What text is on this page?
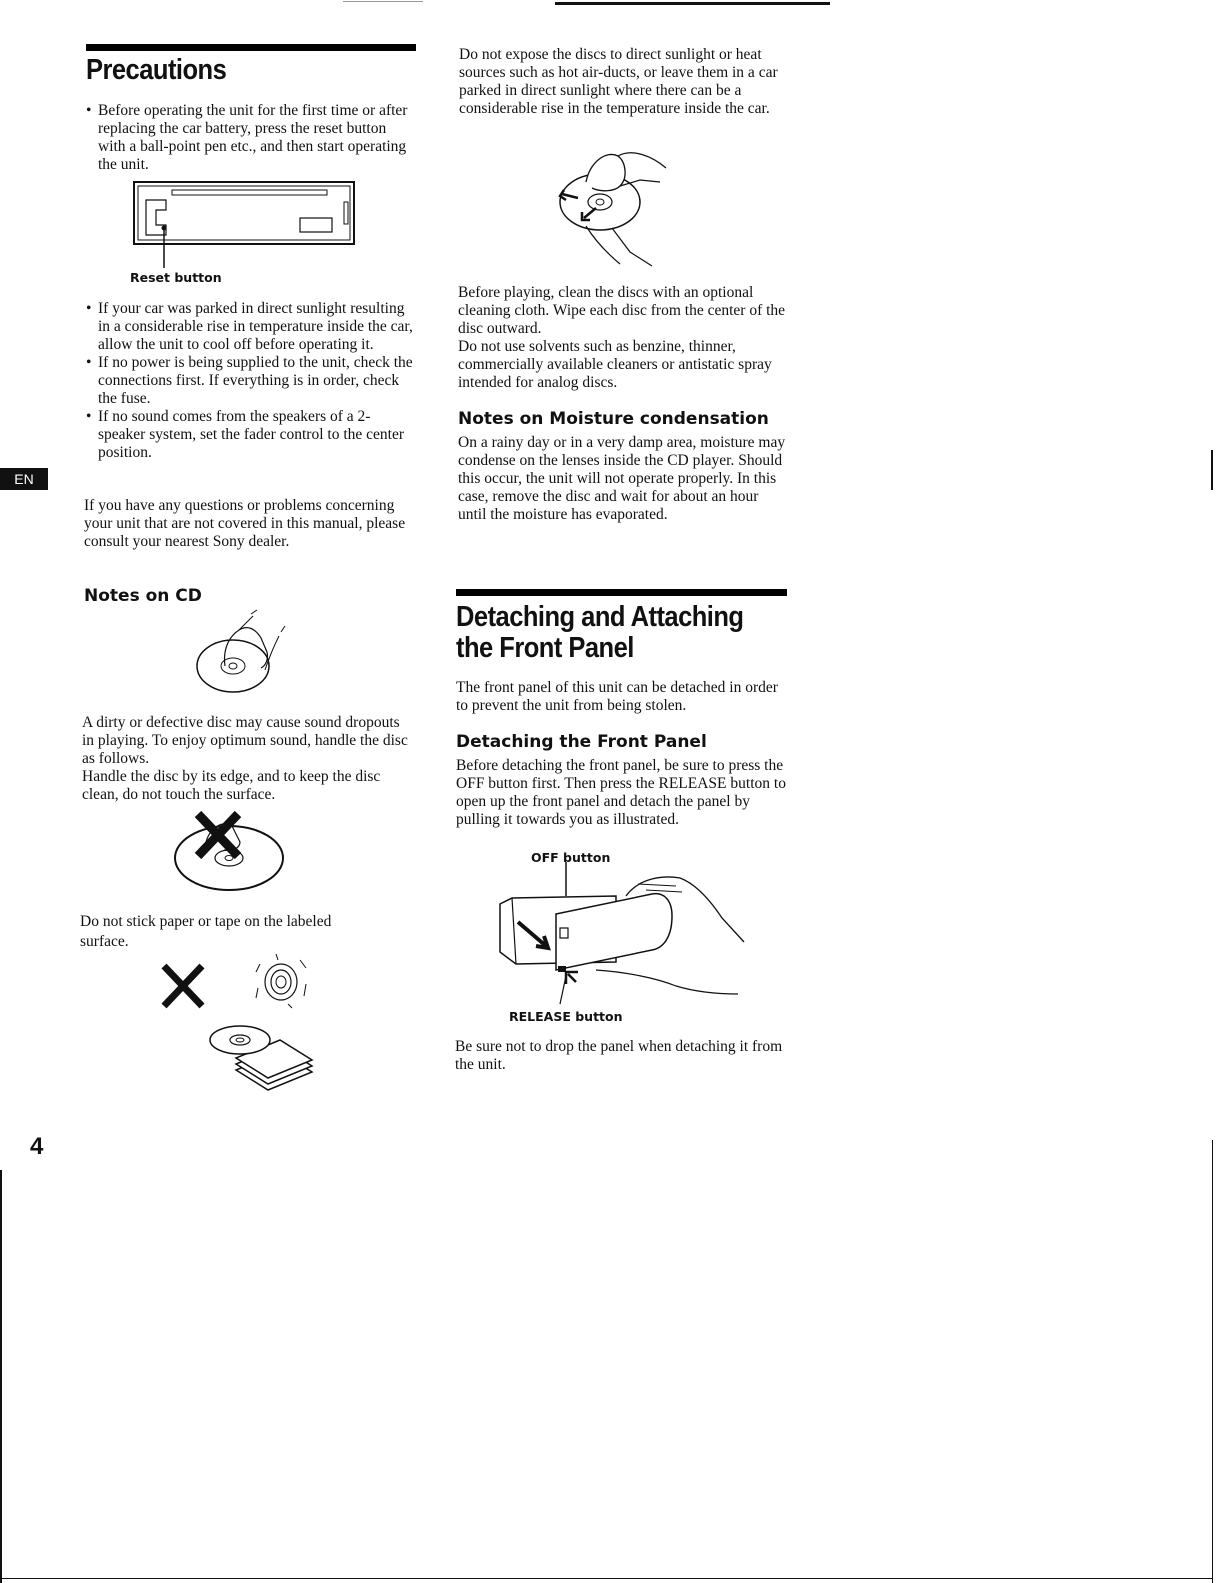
EN
4
Precautions
• Before operating the unit for the first time or after replacing the car battery, press the reset button with a ball-point pen etc., and then start operating the unit.
Reset button
• If your car was parked in direct sunlight resulting in a considerable rise in temperature inside the car, allow the unit to cool off before operating it.
• If no power is being supplied to the unit, check the connections first. If everything is in order, check the fuse.
• If no sound comes from the speakers of a 2-speaker system, set the fader control to the center position.

If you have any questions or problems concerning your unit that are not covered in this manual, please consult your nearest Sony dealer.

Notes on CD

A dirty or defective disc may cause sound dropouts in playing. To enjoy optimum sound, handle the disc as follows.

Handle the disc by its edge, and to keep the disc clean, do not touch the surface.

Do not stick paper or tape on the labeled surface.

Do not expose the discs to direct sunlight or heat sources such as hot air-ducts, or leave them in a car parked in direct sunlight where there can be a considerable rise in the temperature inside the car.

Before playing, clean the discs with an optional cleaning cloth. Wipe each disc from the center of the disc outward.

Do not use solvents such as benzine, thinner, commercially available cleaners or antistatic spray intended for analog discs.

Notes on Moisture condensation

On a rainy day or in a very damp area, moisture may condense on the lenses inside the CD player. Should this occur, the unit will not operate properly. In this case, remove the disc and wait for about an hour until the moisture has evaporated.

Detaching and Attaching
the Front Panel

The front panel of this unit can be detached in order to prevent the unit from being stolen.

Detaching the Front Panel

Before detaching the front panel, be sure to press the OFF button first. Then press the RELEASE button to open up the front panel and detach the panel by pulling it towards you as illustrated.

OFF button
RELEASE button

Be sure not to drop the panel when detaching it from the unit.
